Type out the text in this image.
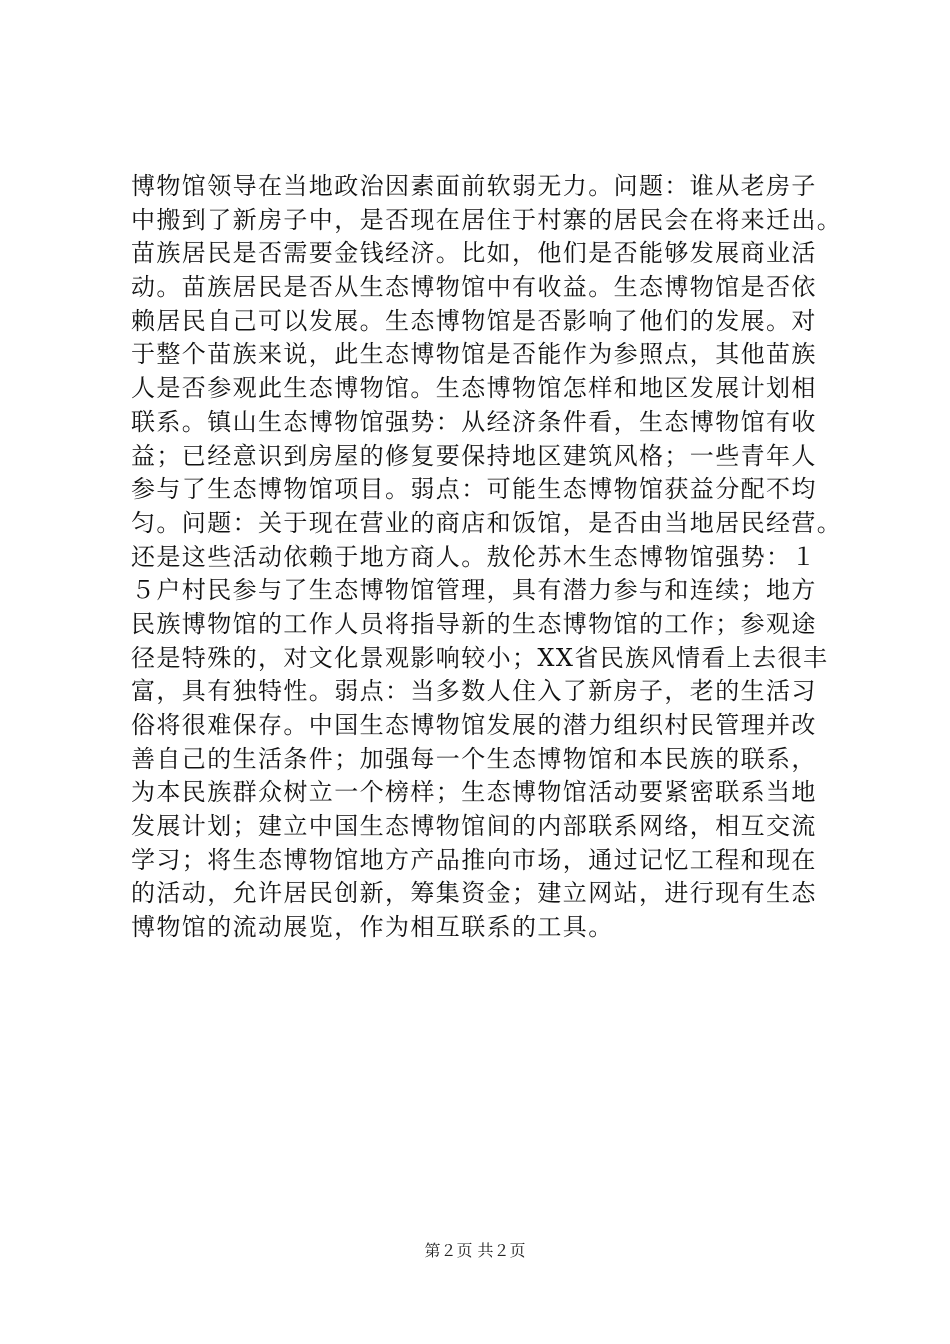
博物馆领导在当地政治因素面前软弱无力。问题：谁从老房子
中搬到了新房子中，是否现在居住于村寨的居民会在将来迁出。
苗族居民是否需要金钱经济。比如，他们是否能够发展商业活
动。苗族居民是否从生态博物馆中有收益。生态博物馆是否依
赖居民自己可以发展。生态博物馆是否影响了他们的发展。对
于整个苗族来说，此生态博物馆是否能作为参照点，其他苗族
人是否参观此生态博物馆。生态博物馆怎样和地区发展计划相
联系。镇山生态博物馆强势：从经济条件看，生态博物馆有收
益；已经意识到房屋的修复要保持地区建筑风格；一些青年人
参与了生态博物馆项目。弱点：可能生态博物馆获益分配不均
匀。问题：关于现在营业的商店和饭馆，是否由当地居民经营。
还是这些活动依赖于地方商人。敖伦苏木生态博物馆强势：１
５户村民参与了生态博物馆管理，具有潜力参与和连续；地方
民族博物馆的工作人员将指导新的生态博物馆的工作；参观途
径是特殊的，对文化景观影响较小；XX省民族风情看上去很丰
富，具有独特性。弱点：当多数人住入了新房子，老的生活习
俗将很难保存。中国生态博物馆发展的潜力组织村民管理并改
善自己的生活条件；加强每一个生态博物馆和本民族的联系，
为本民族群众树立一个榜样；生态博物馆活动要紧密联系当地
发展计划；建立中国生态博物馆间的内部联系网络，相互交流
学习；将生态博物馆地方产品推向市场，通过记忆工程和现在
的活动，允许居民创新，筹集资金；建立网站，进行现有生态
博物馆的流动展览，作为相互联系的工具。
第２页 共２页
